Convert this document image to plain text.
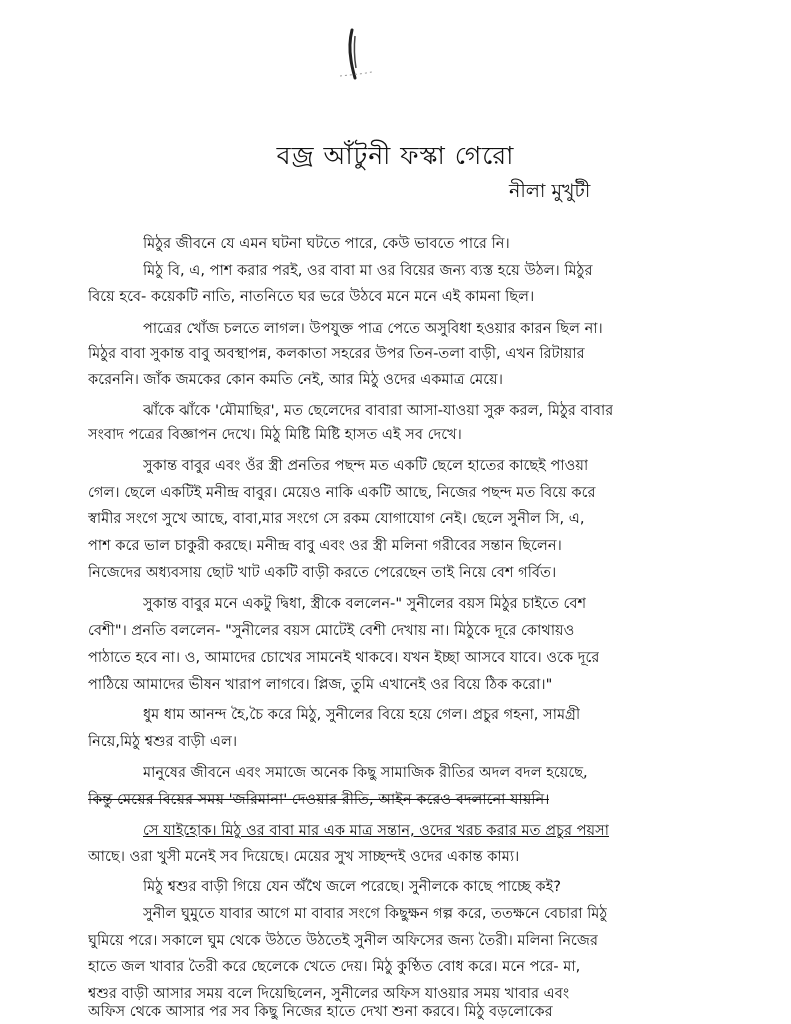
বজ্র আঁটুনী ফস্কা গেরো
নীলা মুখুটী
মিঠুর জীবনে যে এমন ঘটনা ঘটতে পারে, কেউ ভাবতে পারে নি।
মিঠু বি, এ, পাশ করার পরই, ওর বাবা মা ওর বিয়ের জন্য ব্যস্ত হয়ে উঠল। মিঠুর
বিয়ে হবে- কয়েকটি নাতি, নাতনিতে ঘর ভরে উঠবে মনে মনে এই কামনা ছিল।
পাত্রের খোঁজ চলতে লাগল। উপযুক্ত পাত্র পেতে অসুবিধা হওয়ার কারন ছিল না।
মিঠুর বাবা সুকান্ত বাবু অবস্থাপন্ন, কলকাতা সহরের উপর তিন-তলা বাড়ী, এখন রিটায়ার
করেননি। জাঁক জমকের কোন কমতি নেই, আর মিঠু ওদের একমাত্র মেয়ে।
ঝাঁকে ঝাঁকে 'মৌমাছির', মত ছেলেদের বাবারা আসা-যাওয়া সুরু করল, মিঠুর বাবার
সংবাদ পত্রের বিজ্ঞাপন দেখে। মিঠু মিষ্টি মিষ্টি হাসত এই সব দেখে।
সুকান্ত বাবুর এবং ওঁর স্ত্রী প্রনতির পছন্দ মত একটি ছেলে হাতের কাছেই পাওয়া
গেল। ছেলে একটিই মনীন্দ্র বাবুর। মেয়েও নাকি একটি আছে, নিজের পছন্দ মত বিয়ে করে
স্বামীর সংগে সুখে আছে, বাবা,মার সংগে সে রকম যোগাযোগ নেই। ছেলে সুনীল সি, এ,
পাশ করে ভাল চাকুরী করছে। মনীন্দ্র বাবু এবং ওর স্ত্রী মলিনা গরীবের সন্তান ছিলেন।
নিজেদের অধ্যবসায় ছোট খাট একটি বাড়ী করতে পেরেছেন তাই নিয়ে বেশ গর্বিত।
সুকান্ত বাবুর মনে একটু দ্বিধা, স্ত্রীকে বললেন-" সুনীলের বয়স মিঠুর চাইতে বেশ
বেশী"। প্রনতি বললেন- "সুনীলের বয়স মোটেই বেশী দেখায় না। মিঠুকে দূরে কোথায়ও
পাঠাতে হবে না। ও, আমাদের চোখের সামনেই থাকবে। যখন ইচ্ছা আসবে যাবে। ওকে দূরে
পাঠিয়ে আমাদের ভীষন খারাপ লাগবে। প্লিজ, তুমি এখানেই ওর বিয়ে ঠিক করো।"
ধুম ধাম আনন্দ হৈ,চৈ করে মিঠু, সুনীলের বিয়ে হয়ে গেল। প্রচুর গহনা, সামগ্রী
নিয়ে,মিঠু শ্বশুর বাড়ী এল।
মানুষের জীবনে এবং সমাজে অনেক কিছু সামাজিক রীতির অদল বদল হয়েছে,
কিন্তু মেয়ের বিয়ের সময় 'জরিমানা' দেওয়ার রীতি, আইন করেও বদলানো যায়নি।
সে যাইহোক। মিঠু ওর বাবা মার এক মাত্র সন্তান, ওদের খরচ করার মত প্রচুর পয়সা
আছে। ওরা খুসী মনেই সব দিয়েছে। মেয়ের সুখ সাচ্ছন্দই ওদের একান্ত কাম্য।
মিঠু শ্বশুর বাড়ী গিয়ে যেন অঁথৈ জলে পরেছে। সুনীলকে কাছে পাচ্ছে কই?
সুনীল ঘুমুতে যাবার আগে মা বাবার সংগে কিছুক্ষন গল্প করে, ততক্ষনে বেচারা মিঠু
ঘুমিয়ে পরে। সকালে ঘুম থেকে উঠতে উঠতেই সুনীল অফিসের জন্য তৈরী। মলিনা নিজের
হাতে জল খাবার তৈরী করে ছেলেকে খেতে দেয়। মিঠু কুণ্ঠিত বোধ করে। মনে পরে- মা,
শ্বশুর বাড়ী আসার সময় বলে দিয়েছিলেন, সুনীলের অফিস যাওয়ার সময় খাবার এবং
অফিস থেকে আসার পর সব কিছু নিজের হাতে দেখা শুনা করবে। মিঠু বড়লোকের
